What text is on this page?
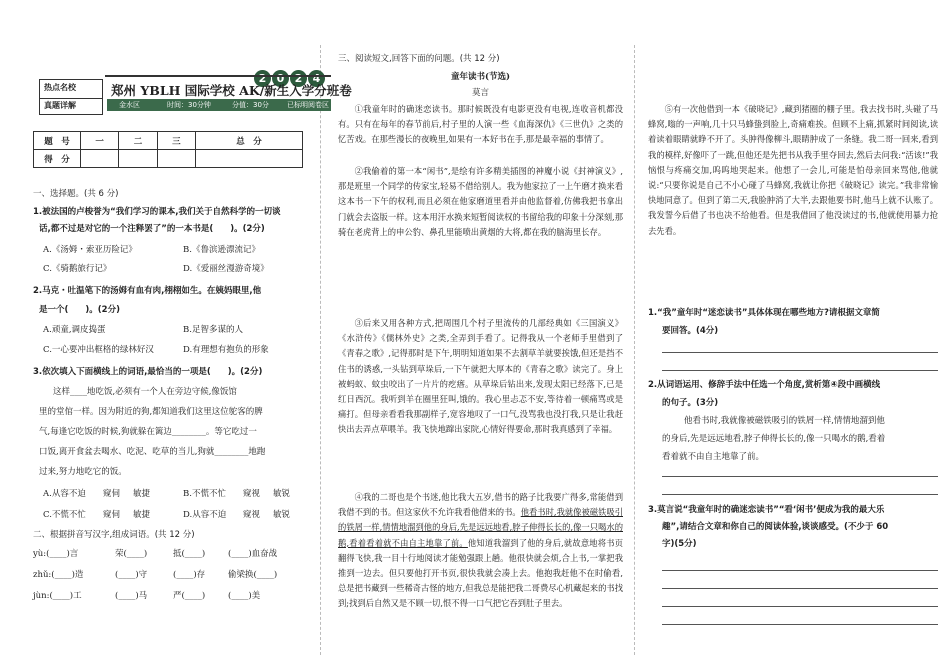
2 0 2 4
热点名校
真题详解
郑州 YBLH 国际学校 AK/新生入学分班卷
金水区	时间：30分钟	分值：30分	已标明阅卷区
题　号	一	二	三	总　分
得　分				
一、选择题。(共 6 分)
1.被法国的卢梭誉为“我们学习的课本,我们关于自然科学的一切谈
话,都不过是对它的一个注释罢了”的一本书是(　　)。(2分)
A.《汤姆・索亚历险记》	B.《鲁滨逊漂流记》
C.《骑鹅旅行记》	D.《爱丽丝漫游奇境》
2.马克・吐温笔下的汤姆有血有肉,栩栩如生。在姨妈眼里,他
是一个(　　)。(2分)
A.顽童,调皮捣蛋	B.足智多谋的人
C.一心要冲出框格的绿林好汉	D.有理想有抱负的形象
3.依次填入下面横线上的词语,最恰当的一项是(　　)。(2分)
这样____地吃饭,必须有一个人在旁边守候,像饭馆
里的堂倌一样。因为附近的狗,都知道我们这里这位鸵客的脾
气,每逢它吃饭的时候,狗就躲在篱边________。等它吃过一
口饭,离开食盆去喝水、吃泥、吃草的当儿,狗就________地跑
过来,努力地吃它的饭。
A.从容不迫 窥伺 敏捷	B.不慌不忙 窥视 敏锐
C.不慌不忙 窥伺 敏捷	D.从容不迫 窥视 敏锐
二、根据拼音写汉字,组成词语。(共 12 分)
yù:(____)言	荣(____)	抵(____)	(____)血奋战
zhǔ:(____)造	(____)守	(____)存	偷梁换(____)
jùn:(____)工	(____)马	严(____)	(____)美
三、阅读短文,回答下面的问题。(共 12 分)
童年读书(节选)
莫言
①我童年时的确迷恋读书。那时候既没有电影更没有电视,连收音机都没有。只有在每年的春节前后,村子里的人演一些《血海深仇》《三世仇》之类的忆苦戏。在那些漫长的夜晚里,如果有一本好书在手,那是最幸福的事情了。
②我偷着的第一本“闲书”,是绘有许多精美插图的神魔小说《封神演义》,那是班里一个同学的传家宝,轻易不借给别人。我为他家拉了一上午磨才换来看这本书一下午的权利,而且必须在他家磨道里看并由他监督着,仿佛我把书拿出门就会去盗版一样。这本用汗水换来短暂阅读权的书留给我的印象十分深刻,那骑在老虎背上的申公豹、鼻孔里能喷出黄烟的大将,都在我的脑海里长存。
③后来又用各种方式,把周围几个村子里流传的几部经典如《三国演义》《水浒传》《儒林外史》之类,全弄到手看了。记得我从一个老师手里借到了《青春之歌》,记得那时是下午,明明知道如果不去割草羊就要挨饿,但还是挡不住书的诱惑,一头钻到草垛后,一下午就把大厚本的《青春之歌》读完了。身上被蚂蚁、蚊虫咬出了一片片的疙瘩。从草垛后钻出来,发现太阳已经落下,已是红日西沉。我听到羊在圈里狂叫,饿的。我心里忐忑不安,等待着一顿痛骂或是痛打。但母亲看看我那副样子,宽容地叹了一口气,没骂我也没打我,只是让我赶快出去弄点草喂羊。我飞快地蹿出家院,心情好得要命,那时我真感到了幸福。
④我的二哥也是个书迷,他比我大五岁,借书的路子比我要广得多,常能借到我借不到的书。但这家伙不允许我看他借来的书。他看书时,我就像被磁铁吸引的铁屑一样,情情地溜到他的身后,先是远远地看,脖子伸得长长的,像一只喝水的鹅,看着看着就不由自主地靠了前。他知道我溜到了他的身后,就故意地将书页翻得飞快,我一目十行地阅读才能勉强跟上趟。他很快就会烦,合上书,一掌把我推到一边去。但只要他打开书页,很快我就会凑上去。他抱我赶他不在时偷看,总是把书藏到一些稀奇古怪的地方,但我总是能把我二哥费尽心机藏起来的书找到;找到后自然又是不顾一切,恨不得一口气把它吞到肚子里去。
⑤有一次他借到一本《破晓记》,藏到猪圈的棚子里。我去找书时,头碰了马蜂窝,嗡的一声响,几十只马蜂蛰到脸上,奇痛难挨。但顾不上痛,抓紧时间阅读,读着读着眼睛就睁不开了。头肿得像柳斗,眼睛肿成了一条缝。我二哥一回来,看到我的模样,好像吓了一跳,但他还是先把书从我手里夺回去,然后去问我:“活该!”我恼恨与疼痛交加,呜呜地哭起来。他想了一会儿,可能是怕母亲回来骂他,他就说:“只要你说是自己不小心碰了马蜂窝,我就让你把《破晓记》读完。”我非常愉快地同意了。但到了第二天,我脸肿消了大半,去跟他要书时,他马上就不认账了。我发誓今后借了书也决不给他看。但是我借回了他没读过的书,他就使用暴力抢去先看。
1.“我”童年时“迷恋读书”具体体现在哪些地方?请根据文章简
要回答。(4分)
2.从词语运用、修辞手法中任选一个角度,赏析第④段中画横线
的句子。(3分)
他看书时,我就像被磁铁吸引的铁屑一样,情情地溜到他
的身后,先是远远地看,脖子伸得长长的,像一只喝水的鹅,看着
看着就不由自主地靠了前。
3.莫言说“我童年时的确迷恋读书”“看‘闲书’便成为我的最大乐
趣”,请结合文章和你自己的阅读体验,谈谈感受。(不少于 60
字)(5分)
